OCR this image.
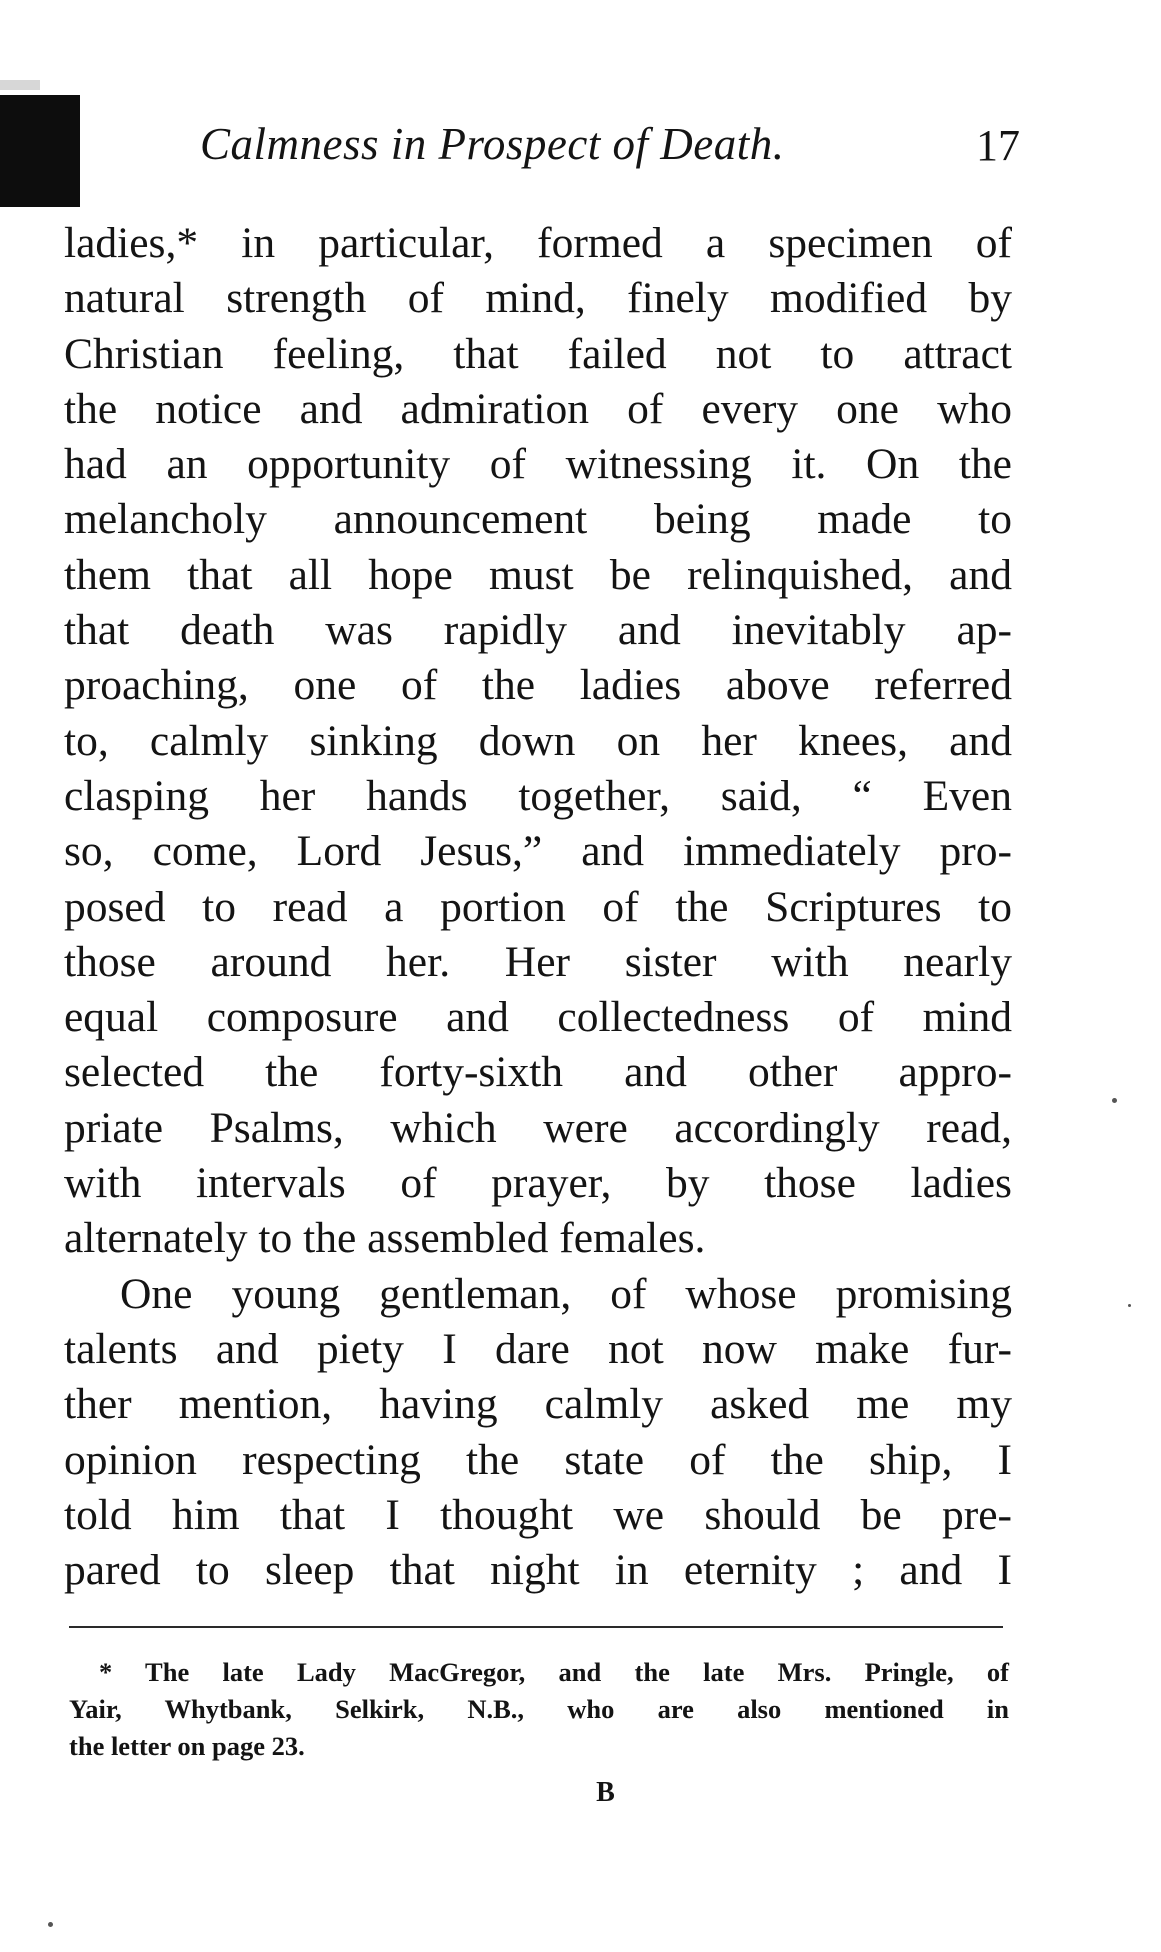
Calmness in Prospect of Death.	17
ladies,* in particular, formed a specimen of
natural strength of mind, finely modified by
Christian feeling, that failed not to attract
the notice and admiration of every one who
had an opportunity of witnessing it. On the
melancholy announcement being made to
them that all hope must be relinquished, and
that death was rapidly and inevitably ap-
proaching, one of the ladies above referred
to, calmly sinking down on her knees, and
clasping her hands together, said, “ Even
so, come, Lord Jesus,” and immediately pro-
posed to read a portion of the Scriptures to
those around her. Her sister with nearly
equal composure and collectedness of mind
selected the forty-sixth and other appro-
priate Psalms, which were accordingly read,
with intervals of prayer, by those ladies
alternately to the assembled females.
One young gentleman, of whose promising
talents and piety I dare not now make fur-
ther mention, having calmly asked me my
opinion respecting the state of the ship, I
told him that I thought we should be pre-
pared to sleep that night in eternity ; and I
* The late Lady MacGregor, and the late Mrs. Pringle, of
Yair, Whytbank, Selkirk, N.B., who are also mentioned in
the letter on page 23.
B
